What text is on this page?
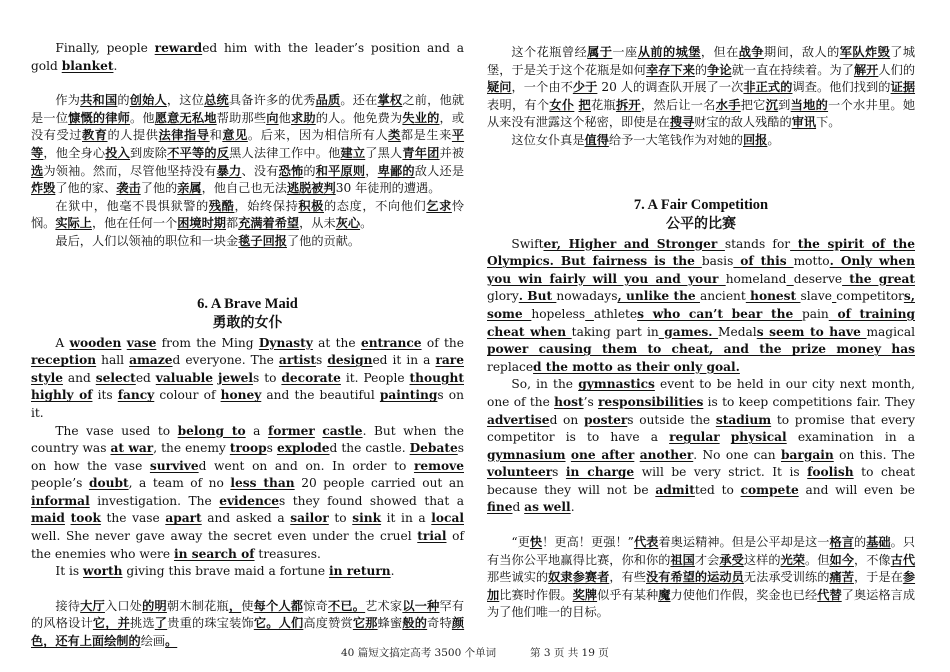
Finally, people rewarded him with the leader’s position and a gold blanket.

作为共和国的创始人，这位总统具备许多的优秀品质。还在掌权之前，他就是一位慷慨的律师。他愿意无私地帮助那些向他求助的人。他免费为失业的，或没有受过教育的人提供法律指导和意见。后来，因为相信所有人类都是生来平等，他全身心投入到废除不平等的反黑人法律工作中。他建立了黑人青年团并被选为领袖。然而，尽管他坚持没有暴力、没有恐怖的和平原则，卑鄙的敌人还是炸毁了他的家、袭击了他的亲属，他自己也无法逃脱被判30 年徒刑的遭遇。

在狱中，他毫不畏惧狱警的残酷，始终保持积极的态度，不向他们乞求怜悯。实际上，他在任何一个困境时期都充满着希望，从未灰心。

最后，人们以领袖的职位和一块金毯子回报了他的贡献。

6. A Brave Maid
勇敢的女仆

A wooden vase from the Ming Dynasty at the entrance of the reception hall amazed everyone. The artists designed it in a rare style and selected valuable jewels to decorate it. People thought highly of its fancy colour of honey and the beautiful paintings on it.

The vase used to belong to a former castle. But when the country was at war, the enemy troops exploded the castle. Debates on how the vase survived went on and on. In order to remove people’s doubt, a team of no less than 20 people carried out an informal investigation. The evidences they found showed that a maid took the vase apart and asked a sailor to sink it in a local well. She never gave away the secret even under the cruel trial of the enemies who were in search of treasures.

It is worth giving this brave maid a fortune in return.

接待大厅入口处的明朝木制花瓶，使每个人都惊奇不已。艺术家以一种罕有的风格设计它，并挑选了贵重的珠宝装饰它。人们高度赞赏它那蜂蜜般的奇特颜色，还有上面绘制的绘画。

这个花瓶曾经属于一座从前的城堡，但在战争期间，敌人的军队炸毁了城堡，于是关于这个花瓶是如何幸存下来的争论就一直在持续着。为了解开人们的疑问，一个由不少于 20 人的调查队开展了一次非正式的调查。他们找到的证据表明，有个女仆 把花瓶拆开，然后让一名水手把它沉到当地的一个水井里。她从来没有泄露这个秘密，即使是在搜寻财宝的敌人残酷的审讯下。

这位女仆真是值得给予一大笔钱作为对她的回报。

7. A Fair Competition
公平的比赛

Swifter, Higher and Stronger stands for the spirit of the Olympics. But fairness is the basis of this motto. Only when you win fairly will you and your homeland deserve the great glory. But nowadays, unlike the ancient honest slave competitors, some hopeless athletes who can’t bear the pain of training cheat when taking part in games. Medals seem to have magical power causing them to cheat, and the prize money has replaced the motto as their only goal.

So, in the gymnastics event to be held in our city next month, one of the host’s responsibilities is to keep competitions fair. They advertised on posters outside the stadium to promise that every competitor is to have a regular physical examination in a gymnasium one after another. No one can bargain on this. The volunteers in charge will be very strict. It is foolish to cheat because they will not be admitted to compete and will even be fined as well.

“更快！更高！更强！”代表着奥运精神。但是公平却是这一格言的基础。只有当你公平地赢得比赛，你和你的祖国才会承受这样的光荣。但如今，不像古代那些诚实的奴隶参赛者，有些没有希望的运动员无法承受训练的痛苦，于是在参加比赛时作假。奖牌似乎有某种魔力使他们作假，奖金也已经代替了奥运格言成为了他们唯一的目标。

40 篇短文搞定高考 3500 个单词	第 3 页 共 19 页
